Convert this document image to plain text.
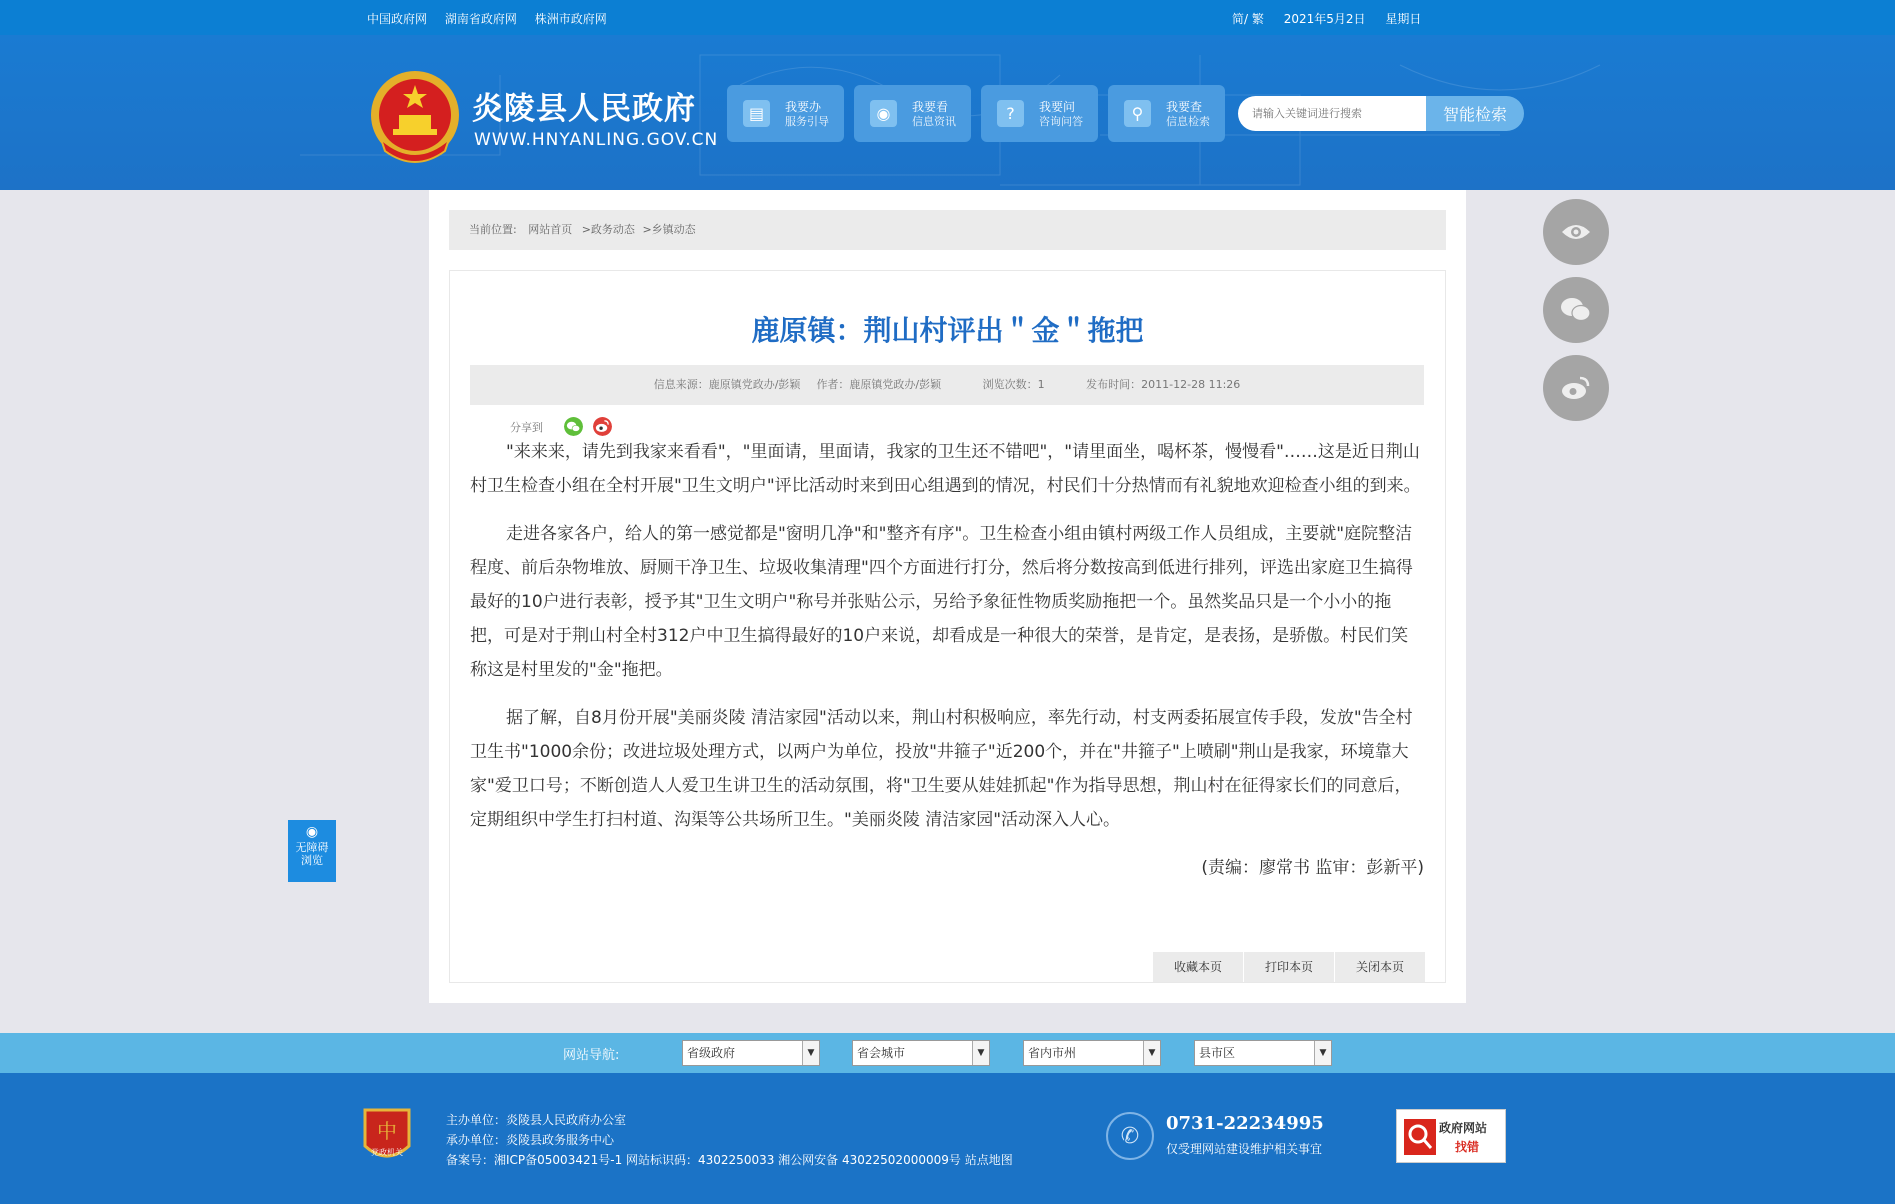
中国政府网 湖南省政府网 株洲市政府网	简/ 繁 2021年5月2日 星期日
炎陵县人民政府
WWW.HNYANLING.GOV.CN
▤	我要办
服务引导	◉	我要看
信息资讯	?	我要问
咨询问答	⚲	我要查
信息检索
请输入关键词进行搜索	智能检索
当前位置: 网站首页 >政务动态 >乡镇动态
鹿原镇：荆山村评出＂金＂拖把
信息来源：鹿原镇党政办/彭颖 作者：鹿原镇党政办/彭颖	浏览次数：1	发布时间：2011-12-28 11:26
分享到

"来来来，请先到我家来看看"，"里面请，里面请，我家的卫生还不错吧"，"请里面坐，喝杯茶，慢慢看"……这是近日荆山村卫生检查小组在全村开展"卫生文明户"评比活动时来到田心组遇到的情况，村民们十分热情而有礼貌地欢迎检查小组的到来。

走进各家各户，给人的第一感觉都是"窗明几净"和"整齐有序"。卫生检查小组由镇村两级工作人员组成，主要就"庭院整洁程度、前后杂物堆放、厨厕干净卫生、垃圾收集清理"四个方面进行打分，然后将分数按高到低进行排列，评选出家庭卫生搞得最好的10户进行表彰，授予其"卫生文明户"称号并张贴公示，另给予象征性物质奖励拖把一个。虽然奖品只是一个小小的拖把，可是对于荆山村全村312户中卫生搞得最好的10户来说，却看成是一种很大的荣誉，是肯定，是表扬，是骄傲。村民们笑称这是村里发的"金"拖把。

据了解，自8月份开展"美丽炎陵 清洁家园"活动以来，荆山村积极响应，率先行动，村支两委拓展宣传手段，发放"告全村卫生书"1000余份；改进垃圾处理方式，以两户为单位，投放"井箍子"近200个，并在"井箍子"上喷刷"荆山是我家，环境靠大家"爱卫口号；不断创造人人爱卫生讲卫生的活动氛围，将"卫生要从娃娃抓起"作为指导思想，荆山村在征得家长们的同意后，定期组织中学生打扫村道、沟渠等公共场所卫生。"美丽炎陵 清洁家园"活动深入人心。

(责编：廖常书 监审：彭新平)

收藏本页	打印本页	关闭本页
◉
无障碍
浏览
网站导航:	省级政府	▼	省会城市	▼	省内市州	▼	县市区	▼
中
党政机关
主办单位：炎陵县人民政府办公室
承办单位：炎陵县政务服务中心
备案号：湘ICP备05003421号-1 网站标识码：4302250033 湘公网安备 43022502000009号 站点地图
✆	0731-22234995
仅受理网站建设维护相关事宜
政府网站
找错
